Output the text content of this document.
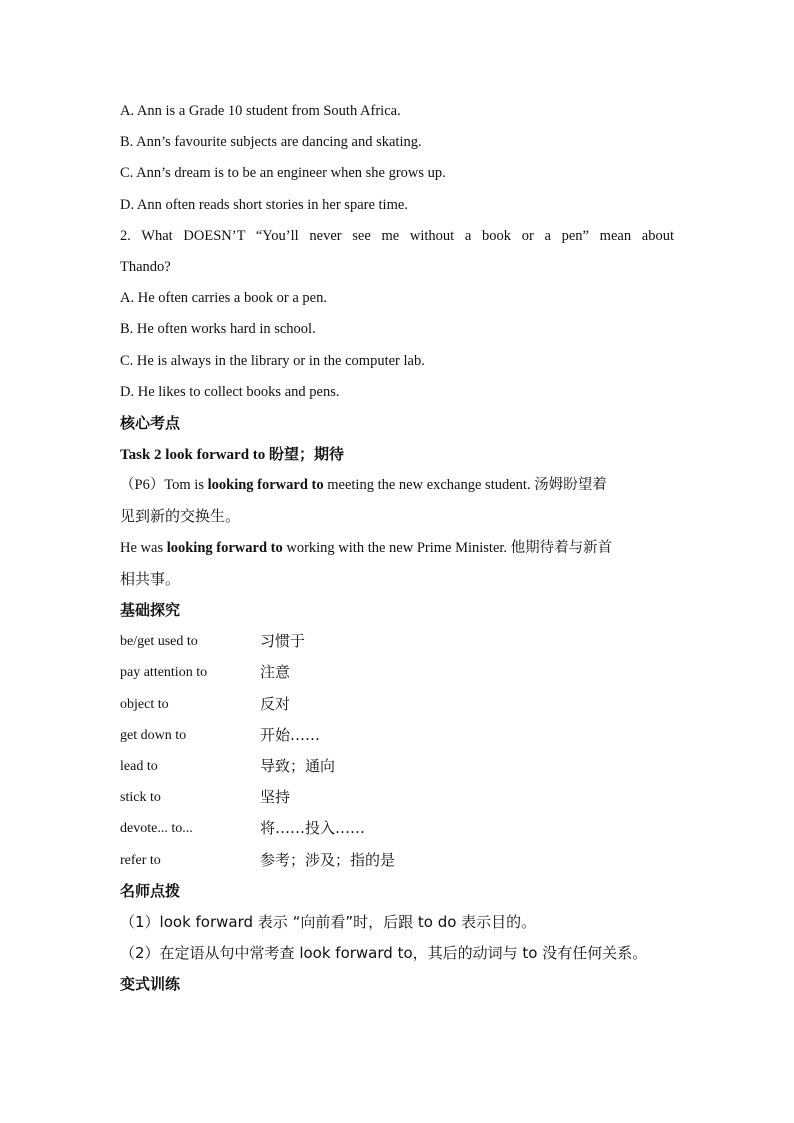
A. Ann is a Grade 10 student from South Africa.
B. Ann’s favourite subjects are dancing and skating.
C. Ann’s dream is to be an engineer when she grows up.
D. Ann often reads short stories in her spare time.
2. What DOESN’T “You’ll never see me without a book or a pen” mean about
Thando?
A. He often carries a book or a pen.
B. He often works hard in school.
C. He is always in the library or in the computer lab.
D. He likes to collect books and pens.
核心考点
Task 2 look forward to 盼望；期待
（P6）Tom is looking forward to meeting the new exchange student. 汤姆盼望着
见到新的交换生。
He was looking forward to working with the new Prime Minister. 他期待着与新首
相共事。
基础探究
be/get used to	习惯于
pay attention to	注意
object to	反对
get down to	开始……
lead to	导致；通向
stick to	坚持
devote... to...	将……投入……
refer to	参考；涉及；指的是
名师点拨
（1）look forward 表示 “向前看”时，后跟 to do 表示目的。
（2）在定语从句中常考查 look forward to，其后的动词与 to 没有任何关系。
变式训练
